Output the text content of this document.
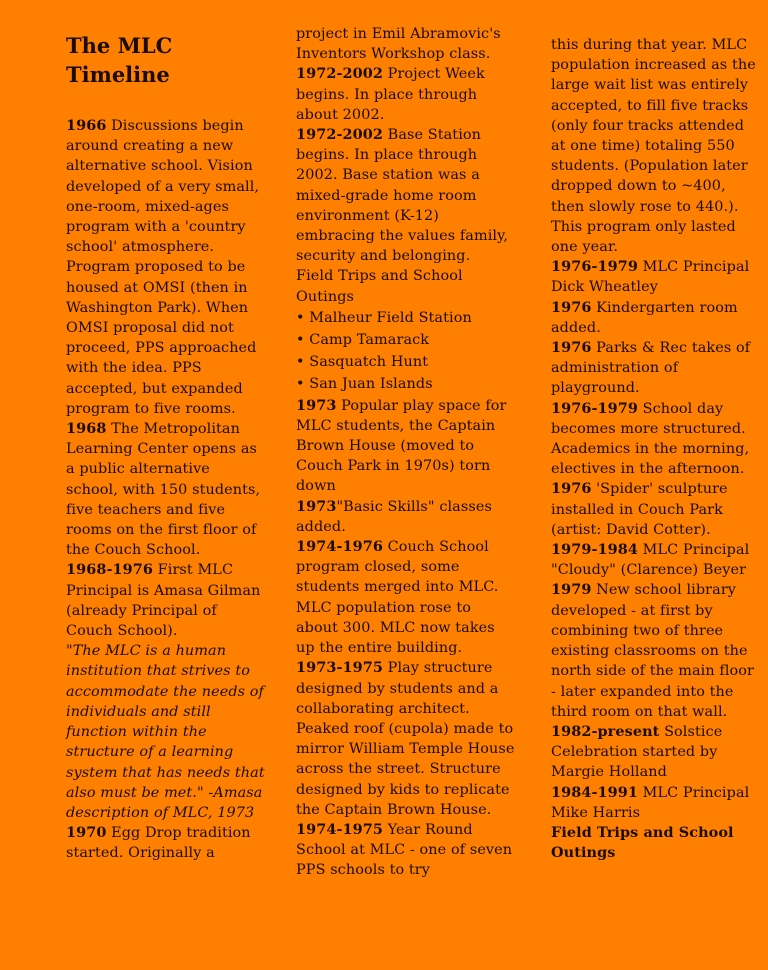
The MLC Timeline

1966 Discussions begin around creating a new alternative school. Vision developed of a very small, one-room, mixed-ages program with a 'country school' atmosphere.

Program proposed to be housed at OMSI (then in Washington Park). When OMSI proposal did not proceed, PPS approached with the idea. PPS accepted, but expanded program to five rooms.

1968 The Metropolitan Learning Center opens as a public alternative school, with 150 students, five teachers and five rooms on the first floor of the Couch School.

1968-1976 First MLC Principal is Amasa Gilman (already Principal of Couch School).

"The MLC is a human institution that strives to accommodate the needs of individuals and still function within the structure of a learning system that has needs that also must be met." -Amasa description of MLC, 1973

1970 Egg Drop tradition started. Originally a

project in Emil Abramovic's Inventors Workshop class.

1972-2002 Project Week begins. In place through about 2002.

1972-2002 Base Station begins. In place through 2002. Base station was a mixed-grade home room environment (K-12) embracing the values family, security and belonging.

Field Trips and School Outings

• Malheur Field Station

• Camp Tamarack

• Sasquatch Hunt

• San Juan Islands

1973 Popular play space for MLC students, the Captain Brown House (moved to Couch Park in 1970s) torn down

1973"Basic Skills" classes added.

1974-1976 Couch School program closed, some students merged into MLC. MLC population rose to about 300. MLC now takes up the entire building.

1973-1975 Play structure designed by students and a collaborating architect. Peaked roof (cupola) made to mirror William Temple House across the street. Structure designed by kids to replicate the Captain Brown House.

1974-1975 Year Round School at MLC - one of seven PPS schools to try

this during that year. MLC population increased as the large wait list was entirely accepted, to fill five tracks (only four tracks attended at one time) totaling 550 students. (Population later dropped down to ~400, then slowly rose to 440.). This program only lasted one year.

1976-1979 MLC Principal Dick Wheatley

1976 Kindergarten room added.

1976 Parks & Rec takes of administration of playground.

1976-1979 School day becomes more structured. Academics in the morning, electives in the afternoon.

1976 'Spider' sculpture installed in Couch Park (artist: David Cotter).

1979-1984 MLC Principal "Cloudy" (Clarence) Beyer

1979 New school library developed - at first by combining two of three existing classrooms on the north side of the main floor - later expanded into the third room on that wall.

1982-present Solstice Celebration started by Margie Holland

1984-1991 MLC Principal Mike Harris

Field Trips and School Outings
